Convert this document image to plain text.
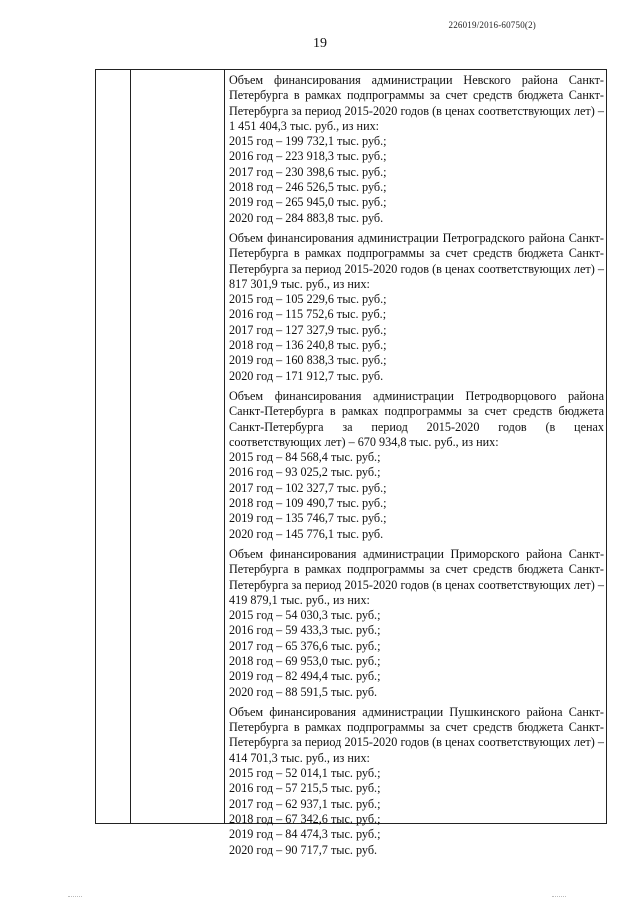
226019/2016-60750(2)
19
Объем финансирования администрации Невского района Санкт-Петербурга в рамках подпрограммы за счет средств бюджета Санкт-Петербурга за период 2015-2020 годов (в ценах соответствующих лет) – 1 451 404,3 тыс. руб., из них:
2015 год – 199 732,1 тыс. руб.;
2016 год – 223 918,3 тыс. руб.;
2017 год – 230 398,6 тыс. руб.;
2018 год – 246 526,5 тыс. руб.;
2019 год – 265 945,0 тыс. руб.;
2020 год – 284 883,8 тыс. руб.
Объем финансирования администрации Петроградского района Санкт-Петербурга в рамках подпрограммы за счет средств бюджета Санкт-Петербурга за период 2015-2020 годов (в ценах соответствующих лет) – 817 301,9 тыс. руб., из них:
2015 год – 105 229,6 тыс. руб.;
2016 год – 115 752,6 тыс. руб.;
2017 год – 127 327,9 тыс. руб.;
2018 год – 136 240,8 тыс. руб.;
2019 год – 160 838,3 тыс. руб.;
2020 год – 171 912,7 тыс. руб.
Объем финансирования администрации Петродворцового района Санкт-Петербурга в рамках подпрограммы за счет средств бюджета Санкт-Петербурга за период 2015-2020 годов (в ценах соответствующих лет) – 670 934,8 тыс. руб., из них:
2015 год – 84 568,4 тыс. руб.;
2016 год – 93 025,2 тыс. руб.;
2017 год – 102 327,7 тыс. руб.;
2018 год – 109 490,7 тыс. руб.;
2019 год – 135 746,7 тыс. руб.;
2020 год – 145 776,1 тыс. руб.
Объем финансирования администрации Приморского района Санкт-Петербурга в рамках подпрограммы за счет средств бюджета Санкт-Петербурга за период 2015-2020 годов (в ценах соответствующих лет) – 419 879,1 тыс. руб., из них:
2015 год – 54 030,3 тыс. руб.;
2016 год – 59 433,3 тыс. руб.;
2017 год – 65 376,6 тыс. руб.;
2018 год – 69 953,0 тыс. руб.;
2019 год – 82 494,4 тыс. руб.;
2020 год – 88 591,5 тыс. руб.
Объем финансирования администрации Пушкинского района Санкт-Петербурга в рамках подпрограммы за счет средств бюджета Санкт-Петербурга за период 2015-2020 годов (в ценах соответствующих лет) – 414 701,3 тыс. руб., из них:
2015 год – 52 014,1 тыс. руб.;
2016 год – 57 215,5 тыс. руб.;
2017 год – 62 937,1 тыс. руб.;
2018 год – 67 342,6 тыс. руб.;
2019 год – 84 474,3 тыс. руб.;
2020 год – 90 717,7 тыс. руб.
